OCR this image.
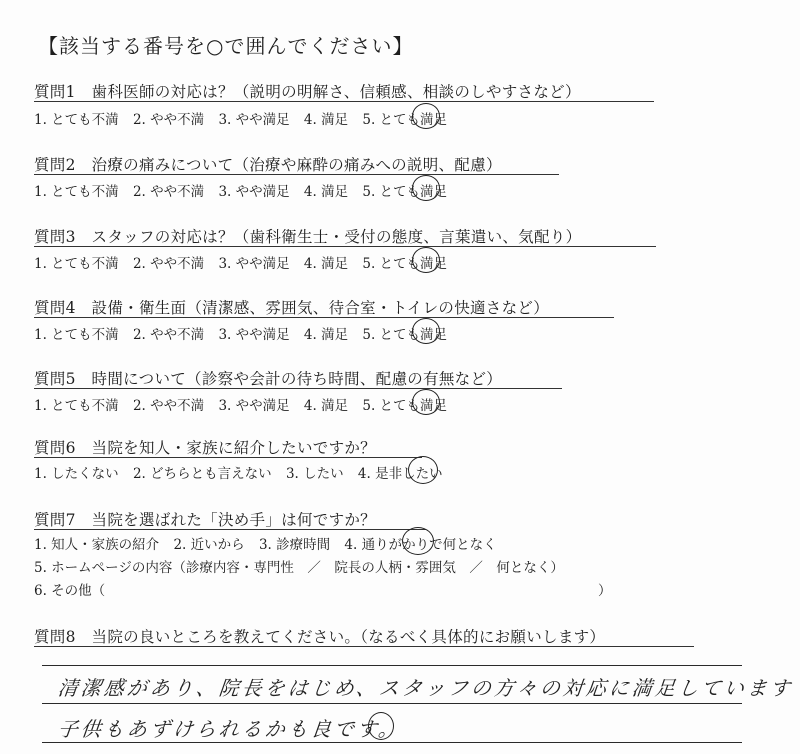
【該当する番号を○で囲んでください】
質問1　歯科医師の対応は？（説明の明解さ、信頼感、相談のしやすさなど）
1. とても不満 2. やや不満 3. やや満足 4. 満足 5. とても満足
質問2　治療の痛みについて（治療や麻酔の痛みへの説明、配慮）
1. とても不満 2. やや不満 3. やや満足 4. 満足 5. とても満足
質問3　スタッフの対応は？（歯科衛生士・受付の態度、言葉遣い、気配り）
1. とても不満 2. やや不満 3. やや満足 4. 満足 5. とても満足
質問4　設備・衛生面（清潔感、雰囲気、待合室・トイレの快適さなど）
1. とても不満 2. やや不満 3. やや満足 4. 満足 5. とても満足
質問5　時間について（診察や会計の待ち時間、配慮の有無など）
1. とても不満 2. やや不満 3. やや満足 4. 満足 5. とても満足
質問6　当院を知人・家族に紹介したいですか？
1. したくない 2. どちらとも言えない 3. したい 4. 是非したい
質問7　当院を選ばれた「決め手」は何ですか？
1. 知人・家族の紹介 2. 近いから 3. 診療時間 4. 通りがかりで何となく
5. ホームページの内容（診療内容・専門性　／　院長の人柄・雰囲気　／　何となく）
6. その他（	）
質問8　当院の良いところを教えてください。（なるべく具体的にお願いします）
清潔感があり、院長をはじめ、スタッフの方々の対応に満足しています
子供もあずけられるかも良です。
